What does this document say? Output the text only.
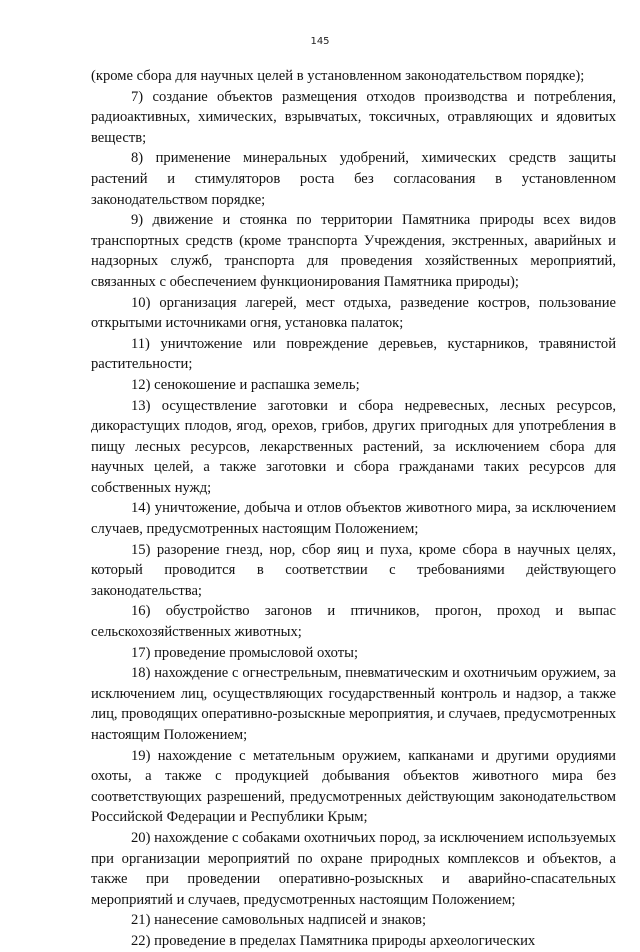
145

(кроме сбора для научных целей в установленном законодательством порядке);

7) создание объектов размещения отходов производства и потребления, радиоактивных, химических, взрывчатых, токсичных, отравляющих и ядовитых веществ;

8) применение минеральных удобрений, химических средств защиты растений и стимуляторов роста без согласования в установленном законодательством порядке;

9) движение и стоянка по территории Памятника природы всех видов транспортных средств (кроме транспорта Учреждения, экстренных, аварийных и надзорных служб, транспорта для проведения хозяйственных мероприятий, связанных с обеспечением функционирования Памятника природы);

10) организация лагерей, мест отдыха, разведение костров, пользование открытыми источниками огня, установка палаток;

11) уничтожение или повреждение деревьев, кустарников, травянистой растительности;

12) сенокошение и распашка земель;

13) осуществление заготовки и сбора недревесных, лесных ресурсов, дикорастущих плодов, ягод, орехов, грибов, других пригодных для употребления в пищу лесных ресурсов, лекарственных растений, за исключением сбора для научных целей, а также заготовки и сбора гражданами таких ресурсов для собственных нужд;

14) уничтожение, добыча и отлов объектов животного мира, за исключением случаев, предусмотренных настоящим Положением;

15) разорение гнезд, нор, сбор яиц и пуха, кроме сбора в научных целях, который проводится в соответствии с требованиями действующего законодательства;

16) обустройство загонов и птичников, прогон, проход и выпас сельскохозяйственных животных;

17) проведение промысловой охоты;

18) нахождение с огнестрельным, пневматическим и охотничьим оружием, за исключением лиц, осуществляющих государственный контроль и надзор, а также лиц, проводящих оперативно-розыскные мероприятия, и случаев, предусмотренных настоящим Положением;

19) нахождение с метательным оружием, капканами и другими орудиями охоты, а также с продукцией добывания объектов животного мира без соответствующих разрешений, предусмотренных действующим законодательством Российской Федерации и Республики Крым;

20) нахождение с собаками охотничьих пород, за исключением используемых при организации мероприятий по охране природных комплексов и объектов, а также при проведении оперативно-розыскных и аварийно-спасательных мероприятий и случаев, предусмотренных настоящим Положением;

21) нанесение самовольных надписей и знаков;

22) проведение в пределах Памятника природы археологических
